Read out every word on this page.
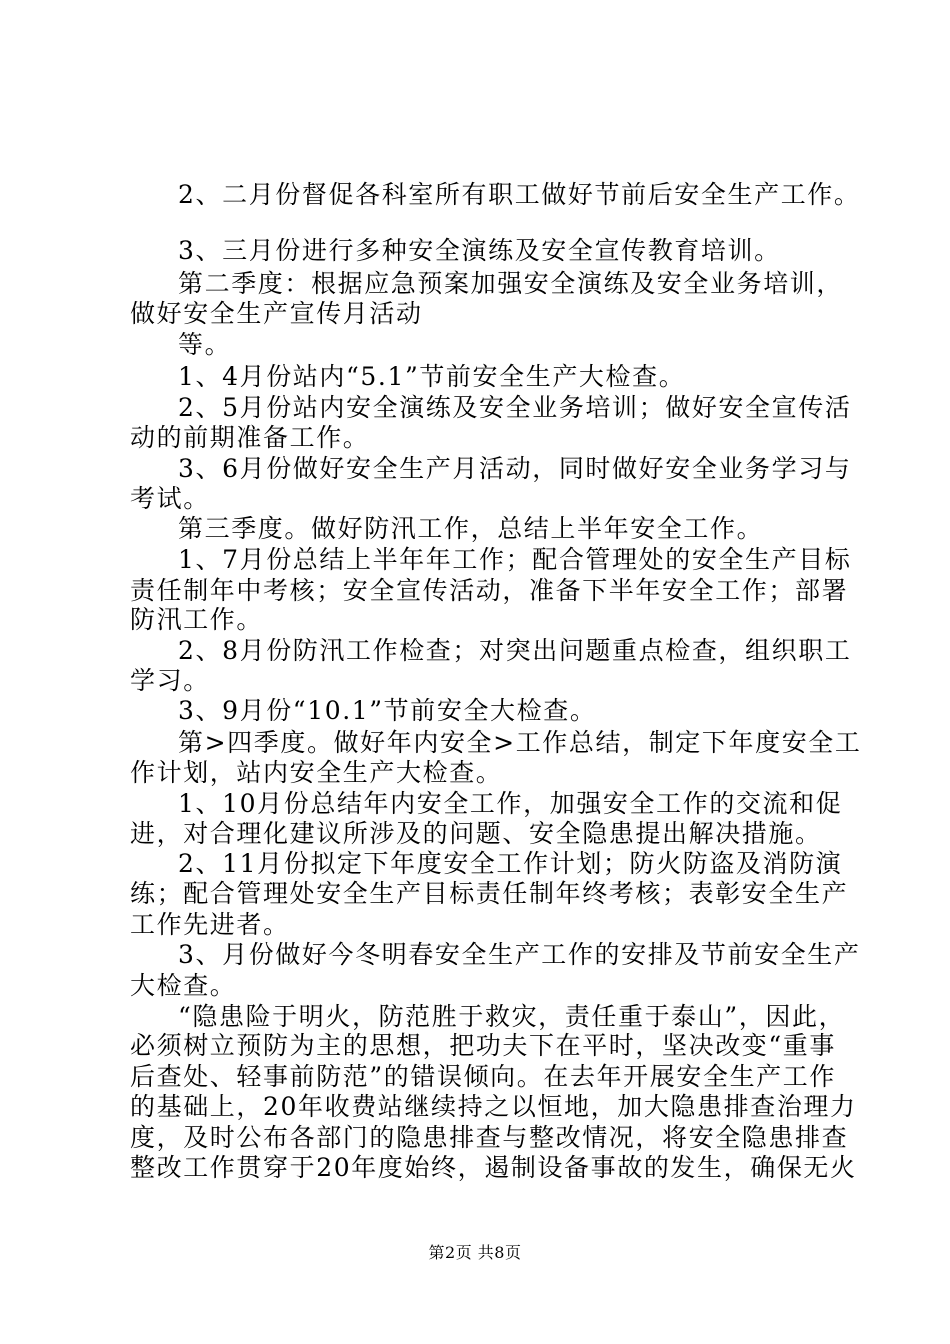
2、二月份督促各科室所有职工做好节前后安全生产工作。
3、三月份进行多种安全演练及安全宣传教育培训。
第二季度：根据应急预案加强安全演练及安全业务培训，
做好安全生产宣传月活动
等。
1、4月份站内“5.1”节前安全生产大检查。
2、5月份站内安全演练及安全业务培训；做好安全宣传活
动的前期准备工作。
3、6月份做好安全生产月活动，同时做好安全业务学习与
考试。
第三季度。做好防汛工作，总结上半年安全工作。
1、7月份总结上半年年工作；配合管理处的安全生产目标
责任制年中考核；安全宣传活动，准备下半年安全工作；部署
防汛工作。
2、8月份防汛工作检查；对突出问题重点检查，组织职工
学习。
3、9月份“10.1”节前安全大检查。
第>四季度。做好年内安全>工作总结，制定下年度安全工
作计划，站内安全生产大检查。
1、10月份总结年内安全工作，加强安全工作的交流和促
进，对合理化建议所涉及的问题、安全隐患提出解决措施。
2、11月份拟定下年度安全工作计划；防火防盗及消防演
练；配合管理处安全生产目标责任制年终考核；表彰安全生产
工作先进者。
3、月份做好今冬明春安全生产工作的安排及节前安全生产
大检查。
“隐患险于明火，防范胜于救灾，责任重于泰山”，因此，
必须树立预防为主的思想，把功夫下在平时，坚决改变“重事
后查处、轻事前防范”的错误倾向。在去年开展安全生产工作
的基础上，20年收费站继续持之以恒地，加大隐患排查治理力
度，及时公布各部门的隐患排查与整改情况，将安全隐患排查
整改工作贯穿于20年度始终，遏制设备事故的发生，确保无火
第2页 共8页
